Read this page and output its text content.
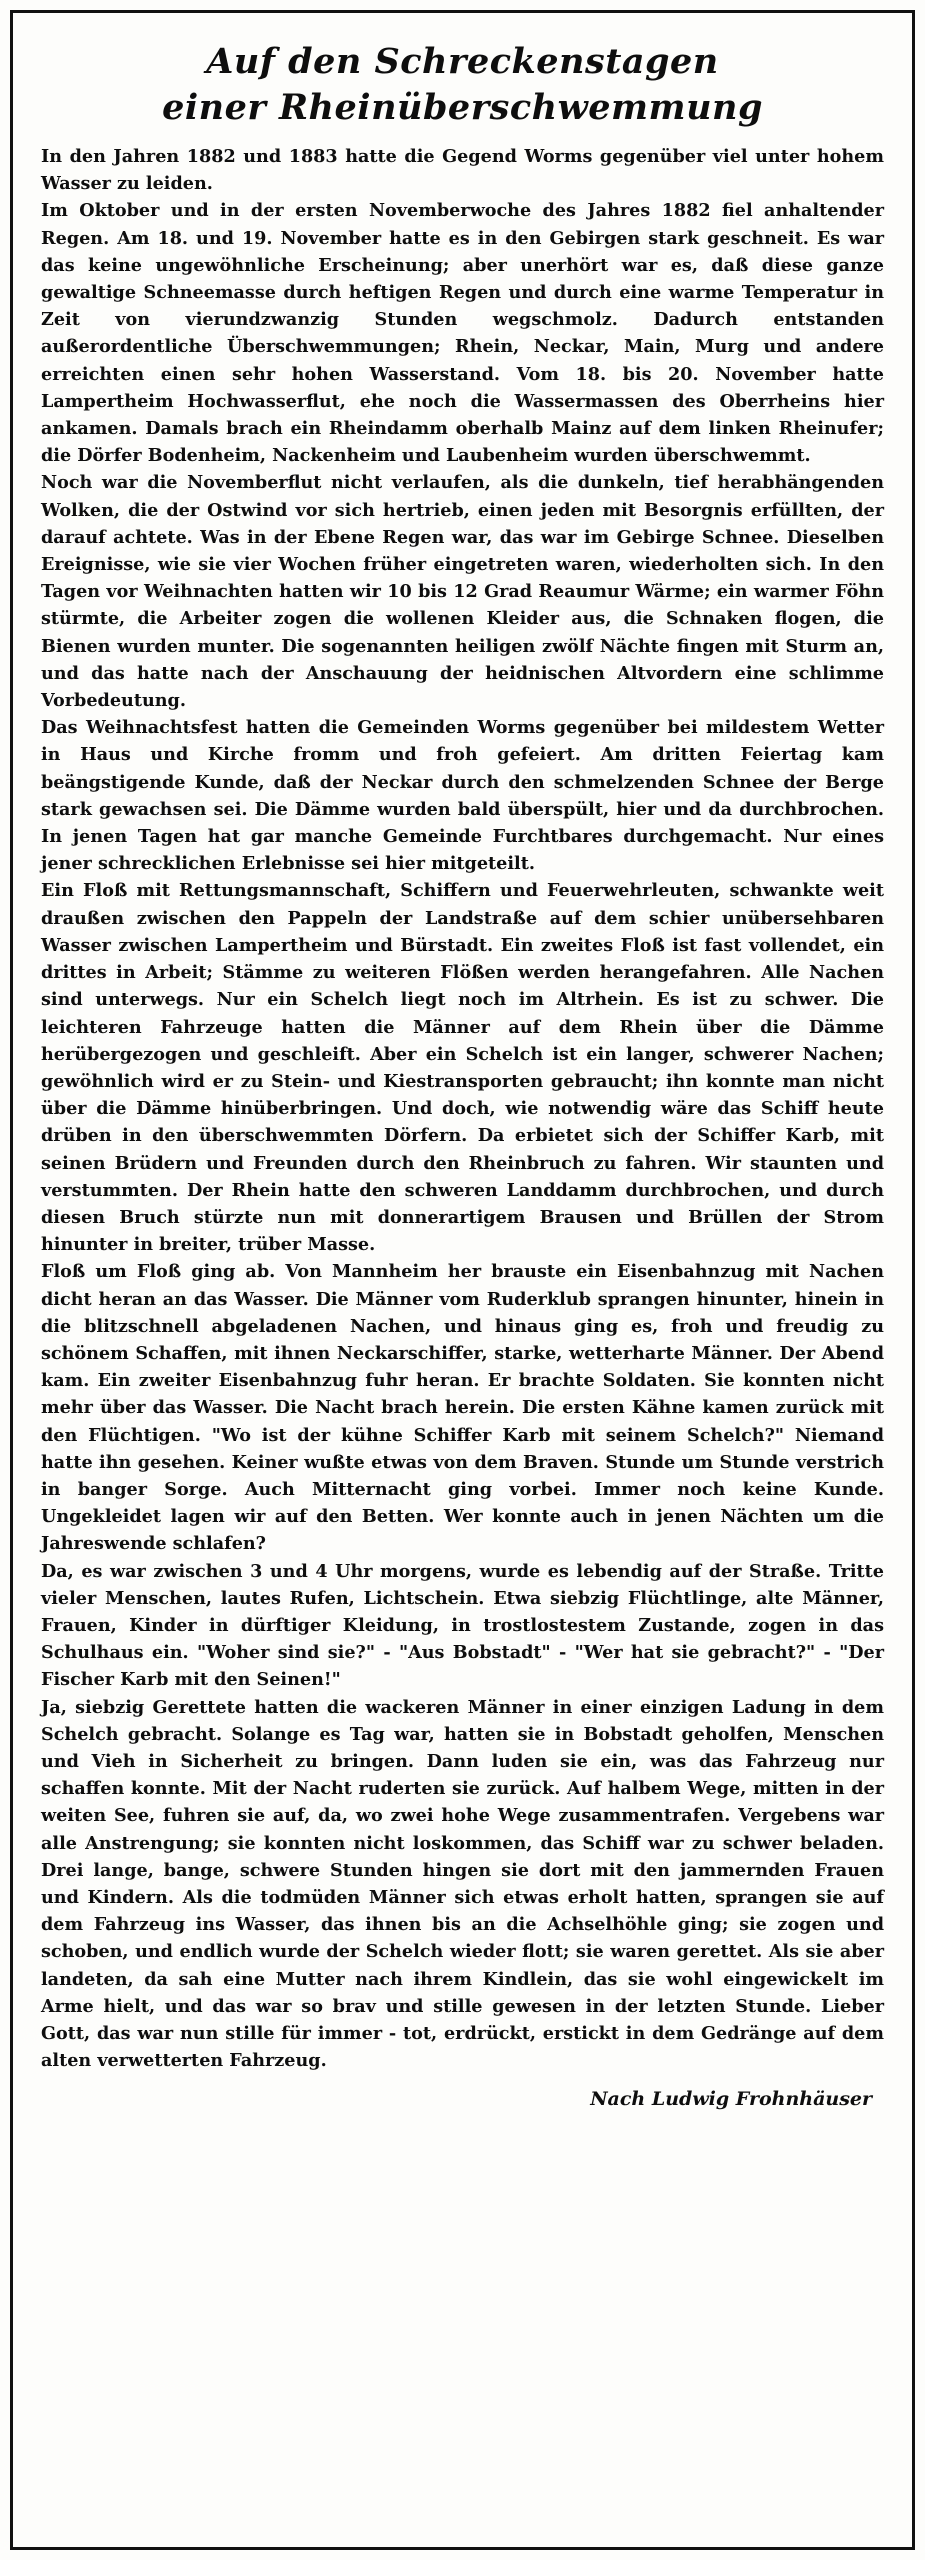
Auf den Schreckenstagen
einer Rheinüberschwemmung

In den Jahren 1882 und 1883 hatte die Gegend Worms gegenüber viel unter hohem Wasser zu leiden.

Im Oktober und in der ersten Novemberwoche des Jahres 1882 fiel anhaltender Regen. Am 18. und 19. November hatte es in den Gebirgen stark geschneit. Es war das keine ungewöhnliche Erscheinung; aber unerhört war es, daß diese ganze gewaltige Schneemasse durch heftigen Regen und durch eine warme Temperatur in Zeit von vierundzwanzig Stunden wegschmolz. Dadurch entstanden außerordentliche Überschwemmungen; Rhein, Neckar, Main, Murg und andere erreichten einen sehr hohen Wasserstand. Vom 18. bis 20. November hatte Lampertheim Hochwasserflut, ehe noch die Wassermassen des Oberrheins hier ankamen. Damals brach ein Rheindamm oberhalb Mainz auf dem linken Rheinufer; die Dörfer Bodenheim, Nackenheim und Laubenheim wurden überschwemmt.

Noch war die Novemberflut nicht verlaufen, als die dunkeln, tief herabhängenden Wolken, die der Ostwind vor sich hertrieb, einen jeden mit Besorgnis erfüllten, der darauf achtete. Was in der Ebene Regen war, das war im Gebirge Schnee. Dieselben Ereignisse, wie sie vier Wochen früher eingetreten waren, wiederholten sich. In den Tagen vor Weihnachten hatten wir 10 bis 12 Grad Reaumur Wärme; ein warmer Föhn stürmte, die Arbeiter zogen die wollenen Kleider aus, die Schnaken flogen, die Bienen wurden munter. Die sogenannten heiligen zwölf Nächte fingen mit Sturm an, und das hatte nach der Anschauung der heidnischen Altvordern eine schlimme Vorbedeutung.

Das Weihnachtsfest hatten die Gemeinden Worms gegenüber bei mildestem Wetter in Haus und Kirche fromm und froh gefeiert. Am dritten Feiertag kam beängstigende Kunde, daß der Neckar durch den schmelzenden Schnee der Berge stark gewachsen sei. Die Dämme wurden bald überspült, hier und da durchbrochen. In jenen Tagen hat gar manche Gemeinde Furchtbares durchgemacht. Nur eines jener schrecklichen Erlebnisse sei hier mitgeteilt.

Ein Floß mit Rettungsmannschaft, Schiffern und Feuerwehrleuten, schwankte weit draußen zwischen den Pappeln der Landstraße auf dem schier unübersehbaren Wasser zwischen Lampertheim und Bürstadt. Ein zweites Floß ist fast vollendet, ein drittes in Arbeit; Stämme zu weiteren Flößen werden herangefahren. Alle Nachen sind unterwegs. Nur ein Schelch liegt noch im Altrhein. Es ist zu schwer. Die leichteren Fahrzeuge hatten die Männer auf dem Rhein über die Dämme herübergezogen und geschleift. Aber ein Schelch ist ein langer, schwerer Nachen; gewöhnlich wird er zu Stein- und Kiestransporten gebraucht; ihn konnte man nicht über die Dämme hinüberbringen. Und doch, wie notwendig wäre das Schiff heute drüben in den überschwemmten Dörfern. Da erbietet sich der Schiffer Karb, mit seinen Brüdern und Freunden durch den Rheinbruch zu fahren. Wir staunten und verstummten. Der Rhein hatte den schweren Landdamm durchbrochen, und durch diesen Bruch stürzte nun mit donnerartigem Brausen und Brüllen der Strom hinunter in breiter, trüber Masse.

Floß um Floß ging ab. Von Mannheim her brauste ein Eisenbahnzug mit Nachen dicht heran an das Wasser. Die Männer vom Ruderklub sprangen hinunter, hinein in die blitzschnell abgeladenen Nachen, und hinaus ging es, froh und freudig zu schönem Schaffen, mit ihnen Neckarschiffer, starke, wetterharte Männer. Der Abend kam. Ein zweiter Eisenbahnzug fuhr heran. Er brachte Soldaten. Sie konnten nicht mehr über das Wasser. Die Nacht brach herein. Die ersten Kähne kamen zurück mit den Flüchtigen. "Wo ist der kühne Schiffer Karb mit seinem Schelch?" Niemand hatte ihn gesehen. Keiner wußte etwas von dem Braven. Stunde um Stunde verstrich in banger Sorge. Auch Mitternacht ging vorbei. Immer noch keine Kunde. Ungekleidet lagen wir auf den Betten. Wer konnte auch in jenen Nächten um die Jahreswende schlafen?

Da, es war zwischen 3 und 4 Uhr morgens, wurde es lebendig auf der Straße. Tritte vieler Menschen, lautes Rufen, Lichtschein. Etwa siebzig Flüchtlinge, alte Männer, Frauen, Kinder in dürftiger Kleidung, in trostlostestem Zustande, zogen in das Schulhaus ein. "Woher sind sie?" - "Aus Bobstadt" - "Wer hat sie gebracht?" - "Der Fischer Karb mit den Seinen!"

Ja, siebzig Gerettete hatten die wackeren Männer in einer einzigen Ladung in dem Schelch gebracht. Solange es Tag war, hatten sie in Bobstadt geholfen, Menschen und Vieh in Sicherheit zu bringen. Dann luden sie ein, was das Fahrzeug nur schaffen konnte. Mit der Nacht ruderten sie zurück. Auf halbem Wege, mitten in der weiten See, fuhren sie auf, da, wo zwei hohe Wege zusammentrafen. Vergebens war alle Anstrengung; sie konnten nicht loskommen, das Schiff war zu schwer beladen. Drei lange, bange, schwere Stunden hingen sie dort mit den jammernden Frauen und Kindern. Als die todmüden Männer sich etwas erholt hatten, sprangen sie auf dem Fahrzeug ins Wasser, das ihnen bis an die Achselhöhle ging; sie zogen und schoben, und endlich wurde der Schelch wieder flott; sie waren gerettet. Als sie aber landeten, da sah eine Mutter nach ihrem Kindlein, das sie wohl eingewickelt im Arme hielt, und das war so brav und stille gewesen in der letzten Stunde. Lieber Gott, das war nun stille für immer - tot, erdrückt, erstickt in dem Gedränge auf dem alten verwetterten Fahrzeug.

Nach Ludwig Frohnhäuser
